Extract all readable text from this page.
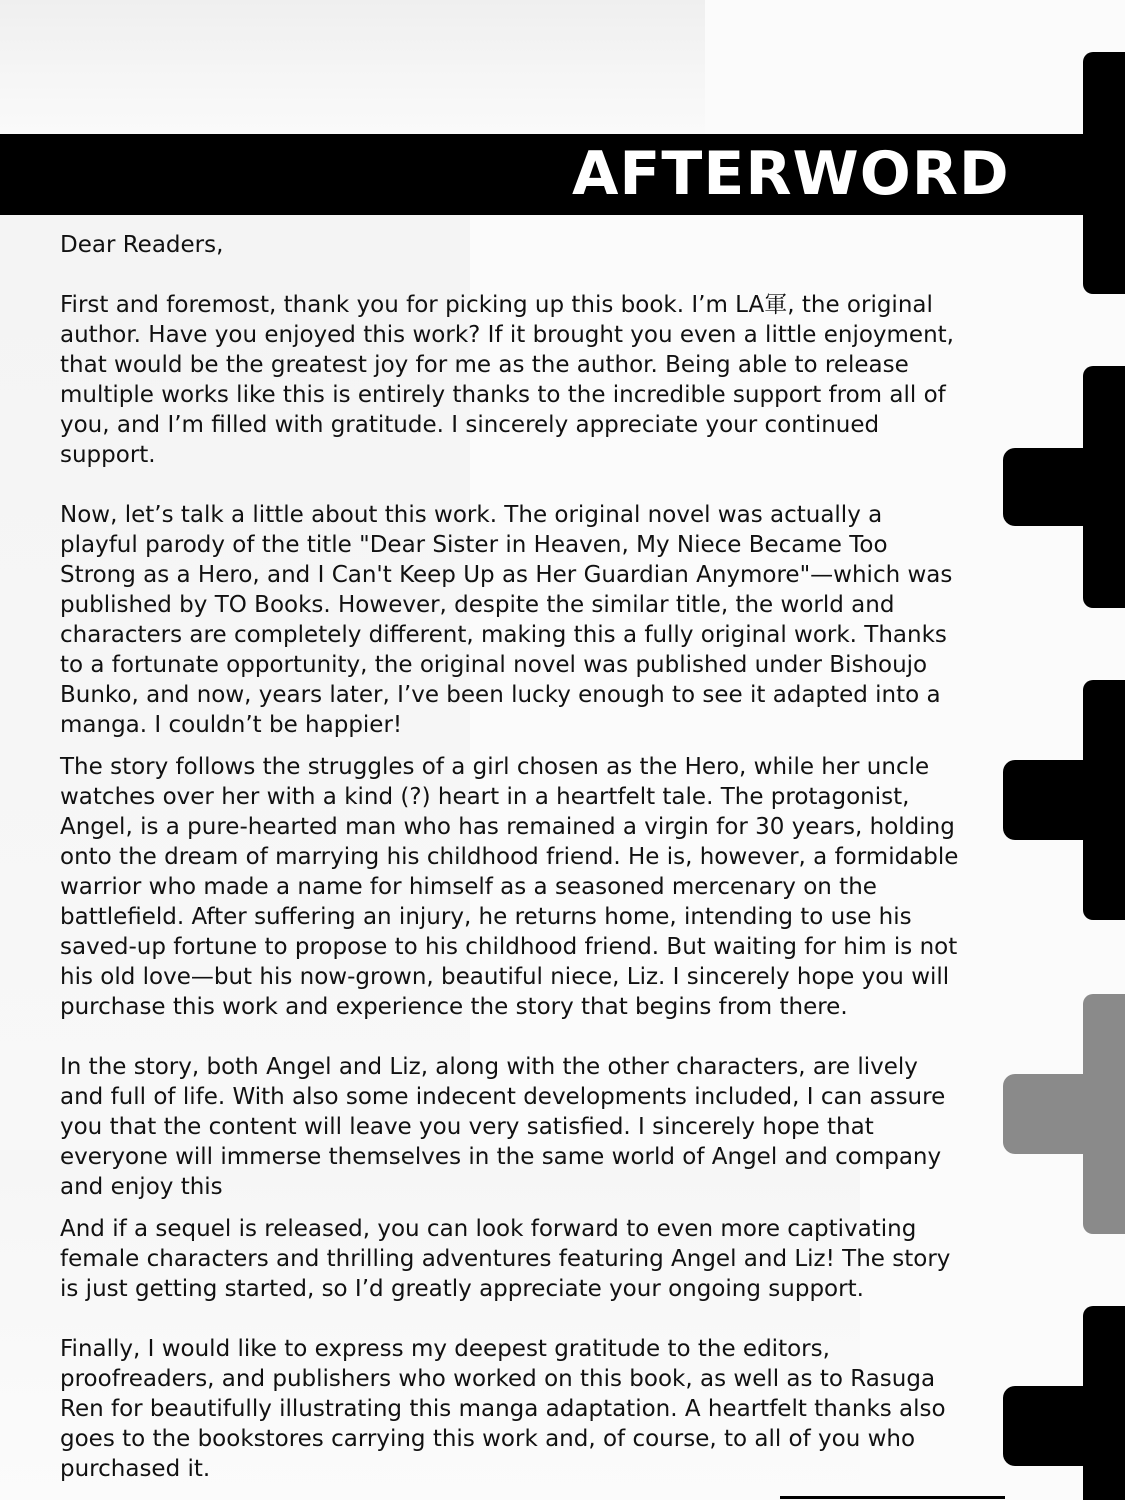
AFTERWORD

Dear Readers,

First and foremost, thank you for picking up this book. I’m LA軍, the original author. Have you enjoyed this work? If it brought you even a little enjoyment, that would be the greatest joy for me as the author. Being able to release multiple works like this is entirely thanks to the incredible support from all of you, and I’m filled with gratitude. I sincerely appreciate your continued support.

Now, let’s talk a little about this work. The original novel was actually a playful parody of the title "Dear Sister in Heaven, My Niece Became Too Strong as a Hero, and I Can't Keep Up as Her Guardian Anymore"—which was published by TO Books. However, despite the similar title, the world and characters are completely different, making this a fully original work. Thanks to a fortunate opportunity, the original novel was published under Bishoujo Bunko, and now, years later, I’ve been lucky enough to see it adapted into a manga. I couldn’t be happier!

The story follows the struggles of a girl chosen as the Hero, while her uncle watches over her with a kind (?) heart in a heartfelt tale. The protagonist, Angel, is a pure-hearted man who has remained a virgin for 30 years, holding onto the dream of marrying his childhood friend. He is, however, a formidable warrior who made a name for himself as a seasoned mercenary on the battlefield. After suffering an injury, he returns home, intending to use his saved-up fortune to propose to his childhood friend. But waiting for him is not his old love—but his now-grown, beautiful niece, Liz. I sincerely hope you will purchase this work and experience the story that begins from there.

In the story, both Angel and Liz, along with the other characters, are lively and full of life. With also some indecent developments included, I can assure you that the content will leave you very satisfied. I sincerely hope that everyone will immerse themselves in the same world of Angel and company and enjoy this

And if a sequel is released, you can look forward to even more captivating female characters and thrilling adventures featuring Angel and Liz! The story is just getting started, so I’d greatly appreciate your ongoing support.

Finally, I would like to express my deepest gratitude to the editors, proofreaders, and publishers who worked on this book, as well as to Rasuga Ren for beautifully illustrating this manga adaptation. A heartfelt thanks also goes to the bookstores carrying this work and, of course, to all of you who purchased it.
